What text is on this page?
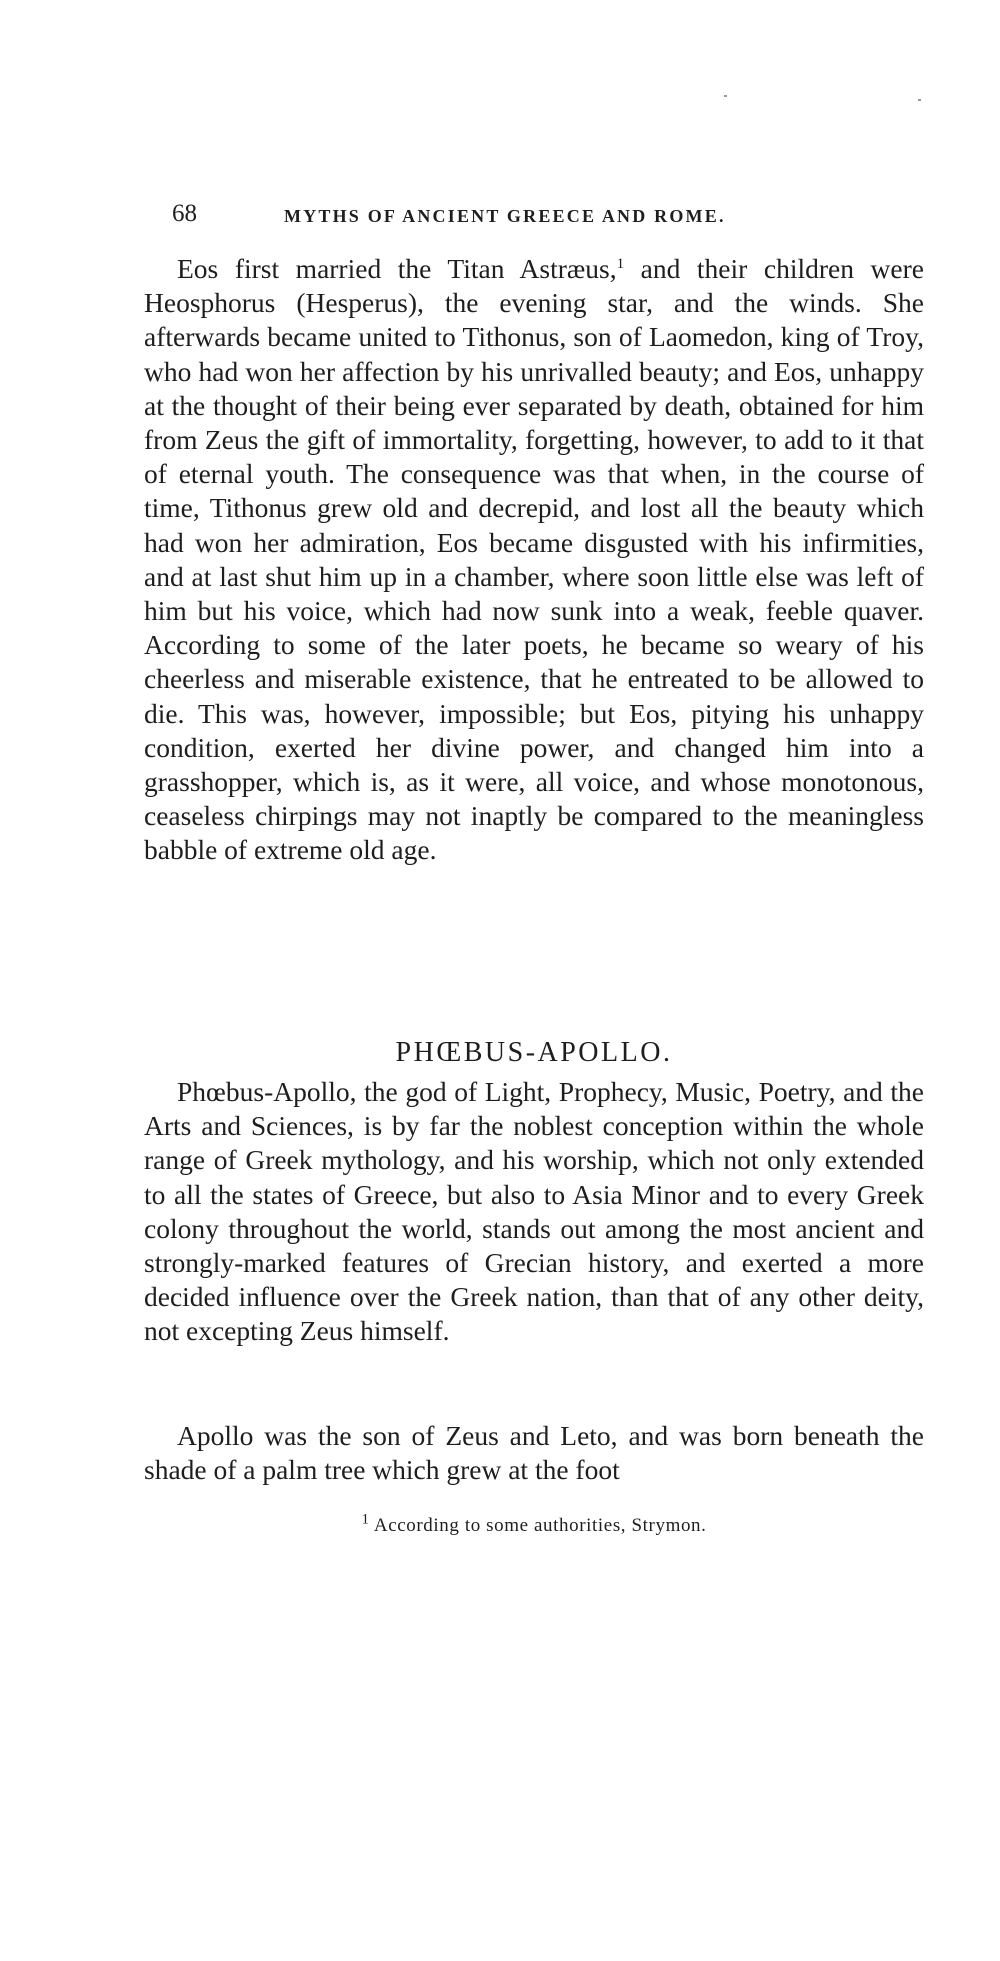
68	MYTHS OF ANCIENT GREECE AND ROME.

Eos first married the Titan Astræus,$^1$ and their children were Heosphorus (Hesperus), the evening star, and the winds. She afterwards became united to Tithonus, son of Laomedon, king of Troy, who had won her affection by his unrivalled beauty; and Eos, unhappy at the thought of their being ever separated by death, obtained for him from Zeus the gift of immortality, forgetting, however, to add to it that of eternal youth. The consequence was that when, in the course of time, Tithonus grew old and decrepid, and lost all the beauty which had won her admiration, Eos became disgusted with his infirmities, and at last shut him up in a chamber, where soon little else was left of him but his voice, which had now sunk into a weak, feeble quaver. According to some of the later poets, he became so weary of his cheerless and miserable existence, that he entreated to be allowed to die. This was, however, impossible; but Eos, pitying his unhappy condition, exerted her divine power, and changed him into a grasshopper, which is, as it were, all voice, and whose monotonous, ceaseless chirpings may not inaptly be compared to the meaningless babble of extreme old age.

PHŒBUS-APOLLO.

Phœbus-Apollo, the god of Light, Prophecy, Music, Poetry, and the Arts and Sciences, is by far the noblest conception within the whole range of Greek mythology, and his worship, which not only extended to all the states of Greece, but also to Asia Minor and to every Greek colony throughout the world, stands out among the most ancient and strongly-marked features of Grecian history, and exerted a more decided influence over the Greek nation, than that of any other deity, not excepting Zeus himself.

Apollo was the son of Zeus and Leto, and was born beneath the shade of a palm tree which grew at the foot

$^1$ According to some authorities, Strymon.
